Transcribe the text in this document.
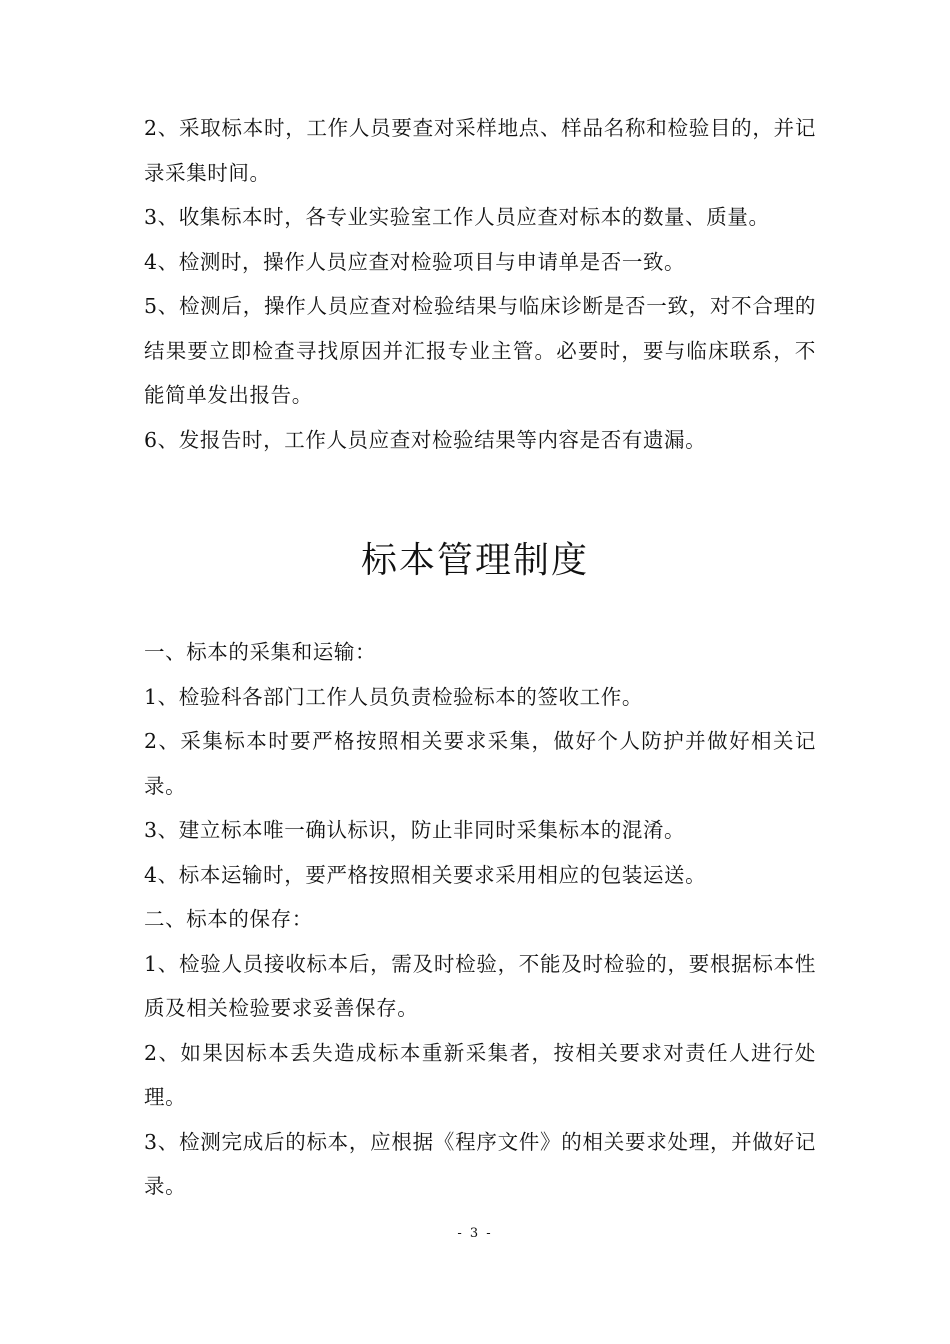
2、采取标本时，工作人员要查对采样地点、样品名称和检验目的，并记录采集时间。

3、收集标本时，各专业实验室工作人员应查对标本的数量、质量。

4、检测时，操作人员应查对检验项目与申请单是否一致。

5、检测后，操作人员应查对检验结果与临床诊断是否一致，对不合理的结果要立即检查寻找原因并汇报专业主管。必要时，要与临床联系，不能简单发出报告。

6、发报告时，工作人员应查对检验结果等内容是否有遗漏。

标本管理制度

一、标本的采集和运输：

1、检验科各部门工作人员负责检验标本的签收工作。

2、采集标本时要严格按照相关要求采集，做好个人防护并做好相关记录。

3、建立标本唯一确认标识，防止非同时采集标本的混淆。

4、标本运输时，要严格按照相关要求采用相应的包装运送。

二、标本的保存：

1、检验人员接收标本后，需及时检验，不能及时检验的，要根据标本性质及相关检验要求妥善保存。

2、如果因标本丢失造成标本重新采集者，按相关要求对责任人进行处理。

3、检测完成后的标本，应根据《程序文件》的相关要求处理，并做好记录。

- 3 -
